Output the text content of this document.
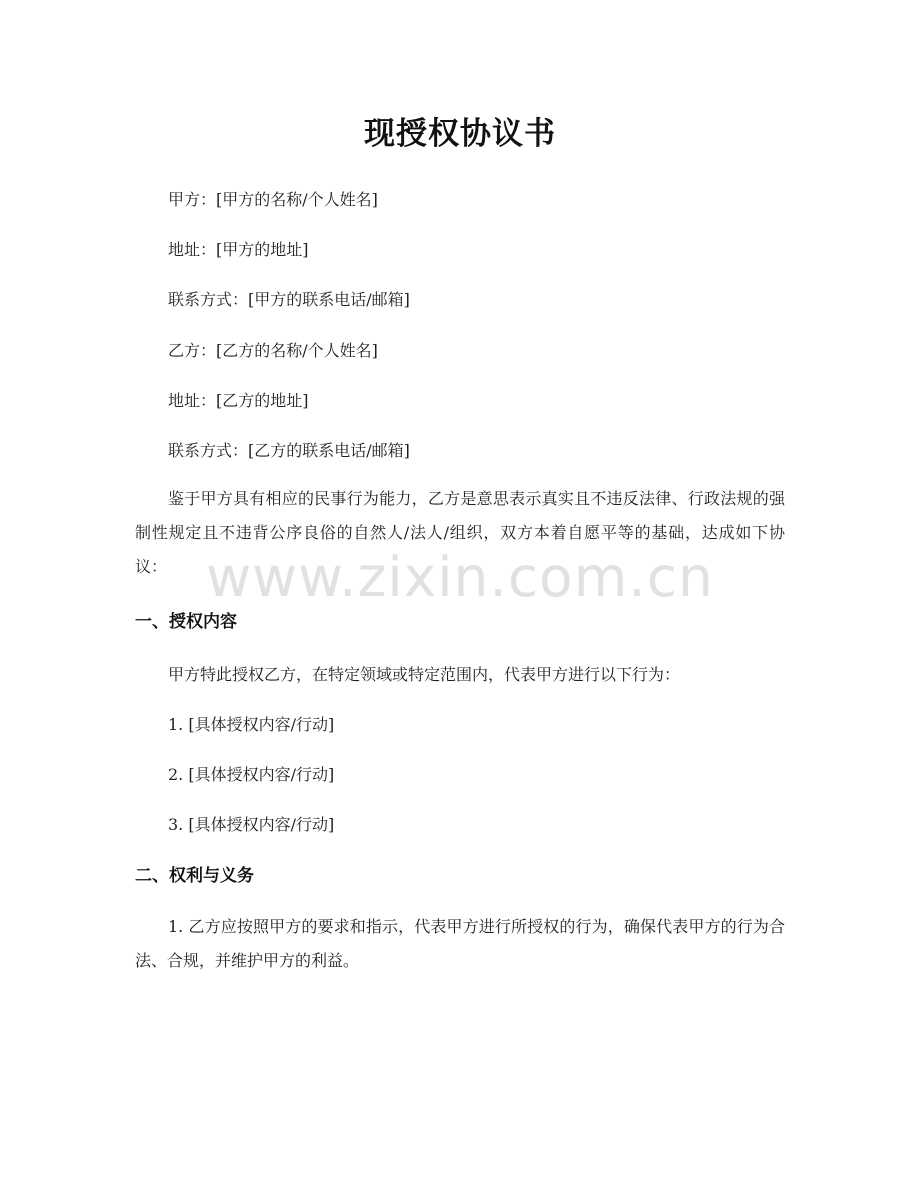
现授权协议书
甲方：[甲方的名称/个人姓名]
地址：[甲方的地址]
联系方式：[甲方的联系电话/邮箱]
乙方：[乙方的名称/个人姓名]
地址：[乙方的地址]
联系方式：[乙方的联系电话/邮箱]

鉴于甲方具有相应的民事行为能力，乙方是意思表示真实且不违反法律、行政法规的强制性规定且不违背公序良俗的自然人/法人/组织，双方本着自愿平等的基础，达成如下协议：

一、授权内容
甲方特此授权乙方，在特定领域或特定范围内，代表甲方进行以下行为：
1. [具体授权内容/行动]
2. [具体授权内容/行动]
3. [具体授权内容/行动]
二、权利与义务

1. 乙方应按照甲方的要求和指示，代表甲方进行所授权的行为，确保代表甲方的行为合法、合规，并维护甲方的利益。

www.zixin.com.cn
